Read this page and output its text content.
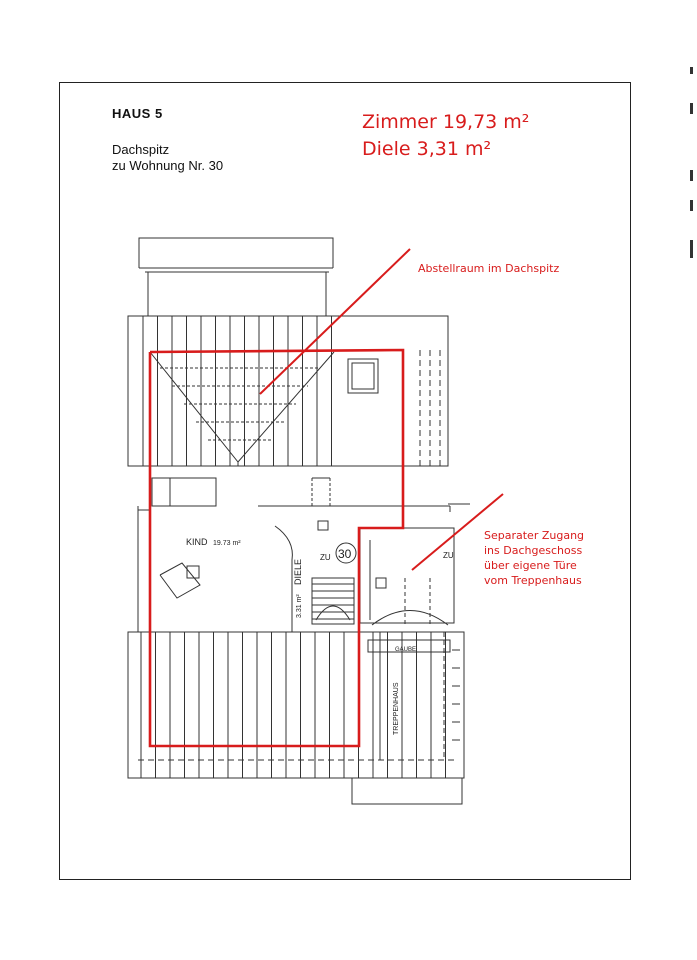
HAUS 5
Dachspitz
zu Wohnung Nr. 30
Zimmer 19,73 m²
Diele 3,31 m²
Abstellraum im Dachspitz
Separater Zugang ins Dachgeschoss über eigene Türe vom Treppenhaus
KIND 19.73 m²
DIELE
3.31 m²
ZU 30	ZU
GAUBE
TREPPENHAUS
